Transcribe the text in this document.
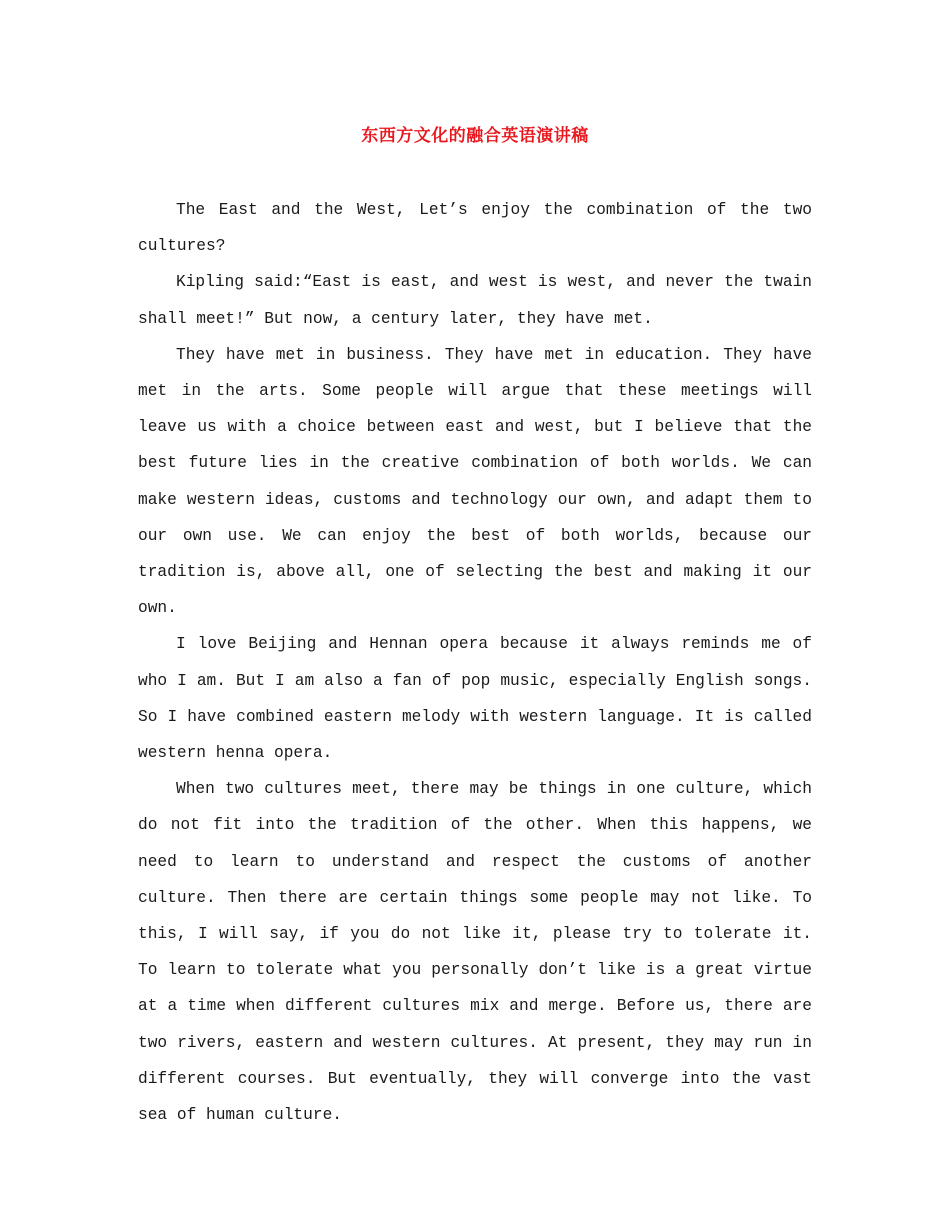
东西方文化的融合英语演讲稿

The East and the West, Let’s enjoy the combination of the two cultures?

Kipling said:“East is east, and west is west, and never the twain shall meet!” But now, a century later, they have met.

They have met in business. They have met in education. They have met in the arts. Some people will argue that these meetings will leave us with a choice between east and west, but I believe that the best future lies in the creative combination of both worlds. We can make western ideas, customs and technology our own, and adapt them to our own use. We can enjoy the best of both worlds, because our tradition is, above all, one of selecting the best and making it our own.

I love Beijing and Hennan opera because it always reminds me of who I am. But I am also a fan of pop music, especially English songs. So I have combined eastern melody with western language. It is called western henna opera.

When two cultures meet, there may be things in one culture, which do not fit into the tradition of the other. When this happens, we need to learn to understand and respect the customs of another culture. Then there are certain things some people may not like. To this, I will say, if you do not like it, please try to tolerate it. To learn to tolerate what you personally don’t like is a great virtue at a time when different cultures mix and merge. Before us, there are two rivers, eastern and western cultures. At present, they may run in different courses. But eventually, they will converge into the vast sea of human culture.
